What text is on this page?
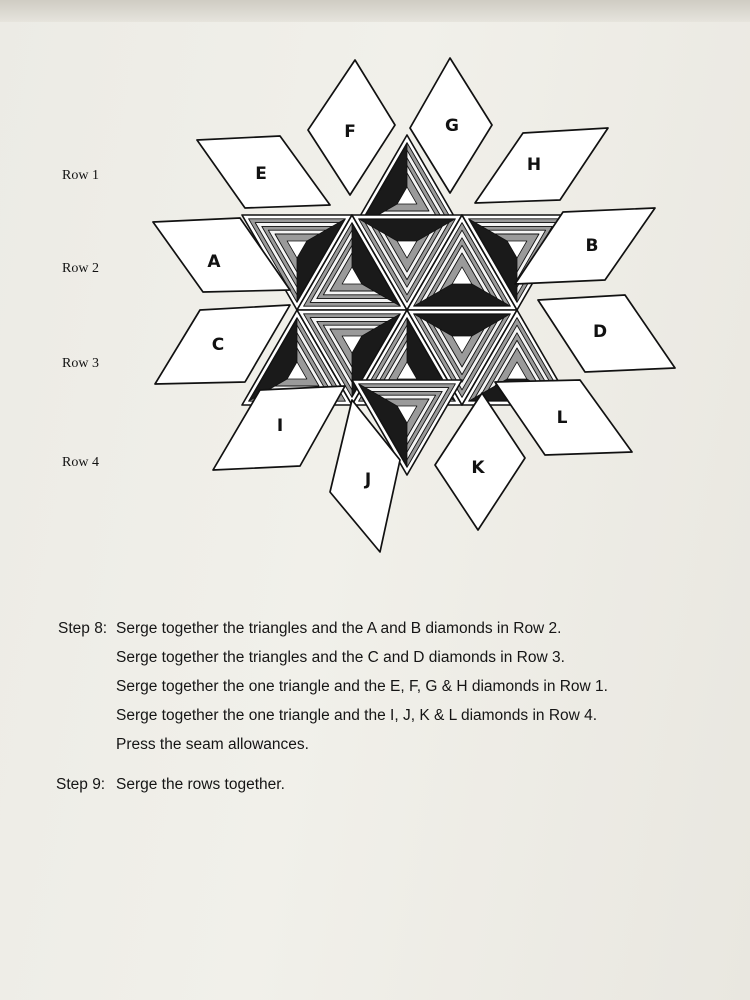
Row 1
Row 2
Row 3
Row 4
A
B
C
D
E
F	G
H
I
J
K
L
Step 8: Serge together the triangles and the A and B diamonds in Row 2.
Serge together the triangles and the C and D diamonds in Row 3.
Serge together the one triangle and the E, F, G & H diamonds in Row 1.
Serge together the one triangle and the I, J, K & L diamonds in Row 4.
Press the seam allowances.
Step 9: Serge the rows together.
